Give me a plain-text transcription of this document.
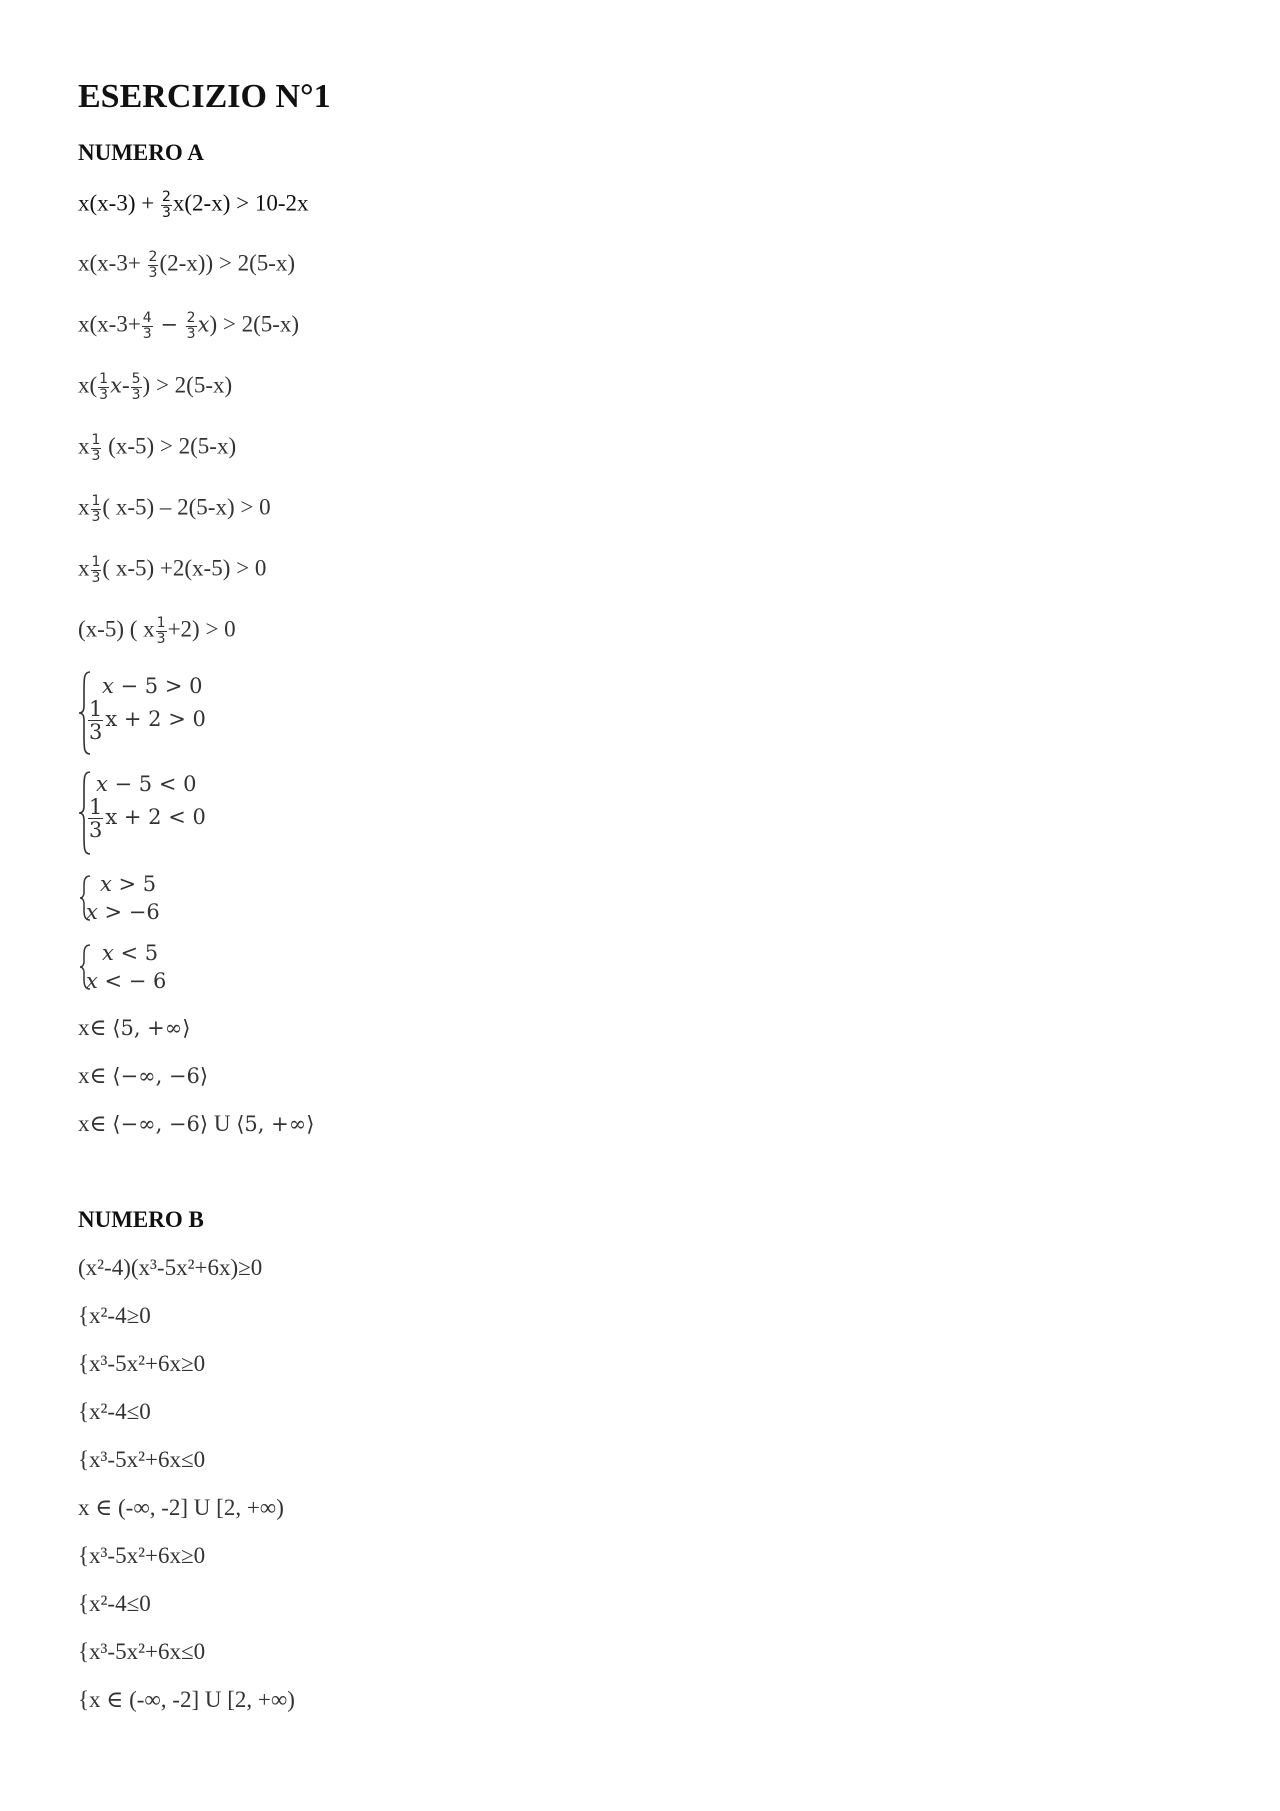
ESERCIZIO N°1
NUMERO A
$x(x-3) + \frac{2}{3} x(2-x) > 10-2x$
$x(x-3+ \frac{2}{3} (2-x)) > 2(5-x)$
$x(x-3+ \frac{4}{3} - \frac{2}{3} x) > 2(5-x)$
$x( \frac{1}{3} x- \frac{5}{3}$ ) > 2(5-x)
x $\frac{1}{3} (x-5) > 2(5-x)$
x $\frac{1}{3}$ ( x-5) – 2(5-x) > 0
x $\frac{1}{3}$ ( x-5) +2(x-5) > 0
(x-5) ( x $\frac{1}{3} +2) > 0$
x − 5 > 0
$\frac{1}{3}$ x + 2 > 0
x − 5 < 0
$\frac{1}{3}$ x + 2 < 0
x > 5
x > −6
x < 5
x < − 6
x∈ ⟨5, +∞⟩
x∈ ⟨−∞, −6⟩
x∈ ⟨−∞, −6⟩ U ⟨5, +∞⟩
NUMERO B
(x²-4)(x³-5x²+6x)≥0
{x²-4≥0
{x³-5x²+6x≥0
{x²-4≤0
{x³-5x²+6x≤0
x ∈ (-∞, -2] U [2, +∞)
{x³-5x²+6x≥0
{x²-4≤0
{x³-5x²+6x≤0
{x ∈ (-∞, -2] U [2, +∞)
